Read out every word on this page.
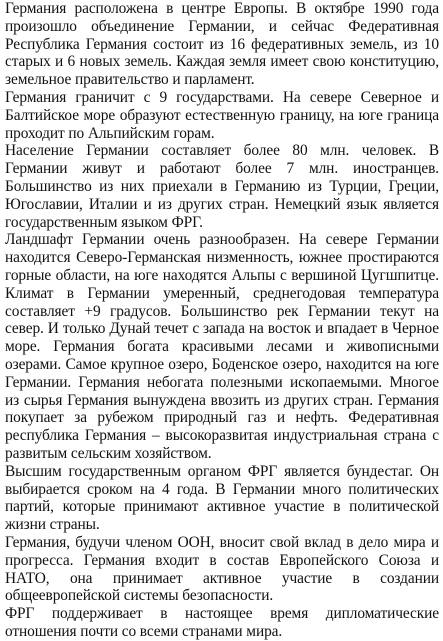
Германия расположена в центре Европы. В октябре 1990 года произошло объединение Германии, и сейчас Федеративная Республика Германия состоит из 16 федеративных земель, из 10 старых и 6 новых земель. Каждая земля имеет свою конституцию, земельное правительство и парламент.

Германия граничит с 9 государствами. На севере Северное и Балтийское море образуют естественную границу, на юге граница проходит по Альпийским горам.

Население Германии составляет более 80 млн. человек. В Германии живут и работают более 7 млн. иностранцев. Большинство из них приехали в Германию из Турции, Греции, Югославии, Италии и из других стран. Немецкий язык является государственным языком ФРГ.

Ландшафт Германии очень разнообразен. На севере Германии находится Северо-Германская низменность, южнее простираются горные области, на юге находятся Альпы с вершиной Цугшпитце. Климат в Германии умеренный, среднегодовая температура составляет +9 градусов. Большинство рек Германии текут на север. И только Дунай течет с запада на восток и впадает в Черное море. Германия богата красивыми лесами и живописными озерами. Самое крупное озеро, Боденское озеро, находится на юге Германии. Германия небогата полезными ископаемыми. Многое из сырья Германия вынуждена ввозить из других стран. Германия покупает за рубежом природный газ и нефть. Федеративная республика Германия – высокоразвитая индустриальная страна с развитым сельским хозяйством.

Высшим государственным органом ФРГ является бундестаг. Он выбирается сроком на 4 года. В Германии много политических партий, которые принимают активное участие в политической жизни страны.

Германия, будучи членом ООН, вносит свой вклад в дело мира и прогресса. Германия входит в состав Европейского Союза и НАТО, она принимает активное участие в создании общеевропейской системы безопасности.

ФРГ поддерживает в настоящее время дипломатические отношения почти со всеми странами мира.
